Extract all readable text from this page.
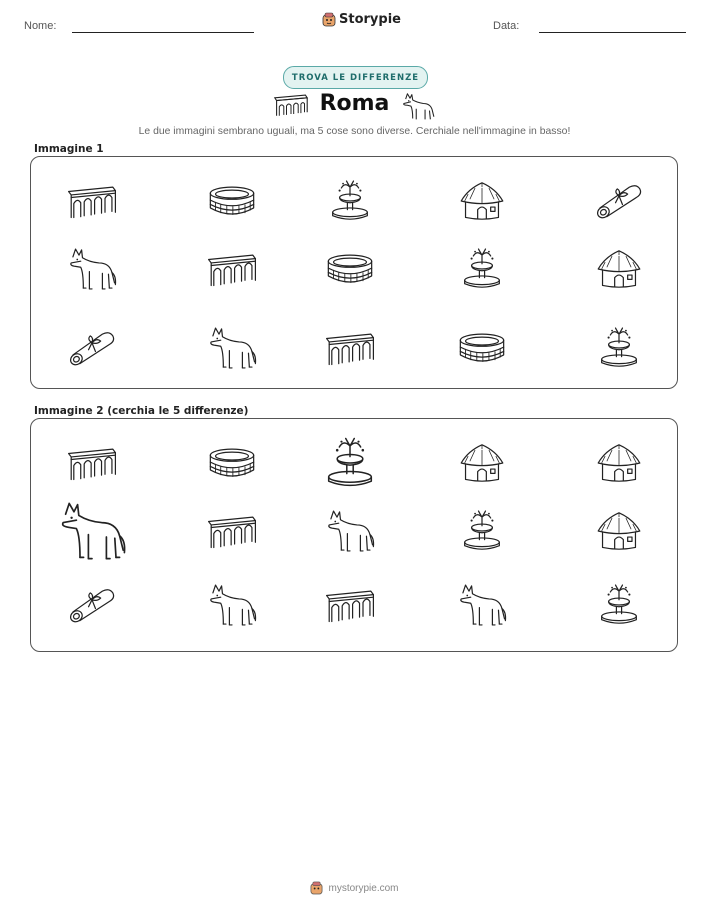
Nome:	Storypie	Data:
TROVA LE DIFFERENZE
Roma
Le due immagini sembrano uguali, ma 5 cose sono diverse. Cerchiale nell'immagine in basso!
Immagine 1
Immagine 2 (cerchia le 5 differenze)
mystorypie.com
